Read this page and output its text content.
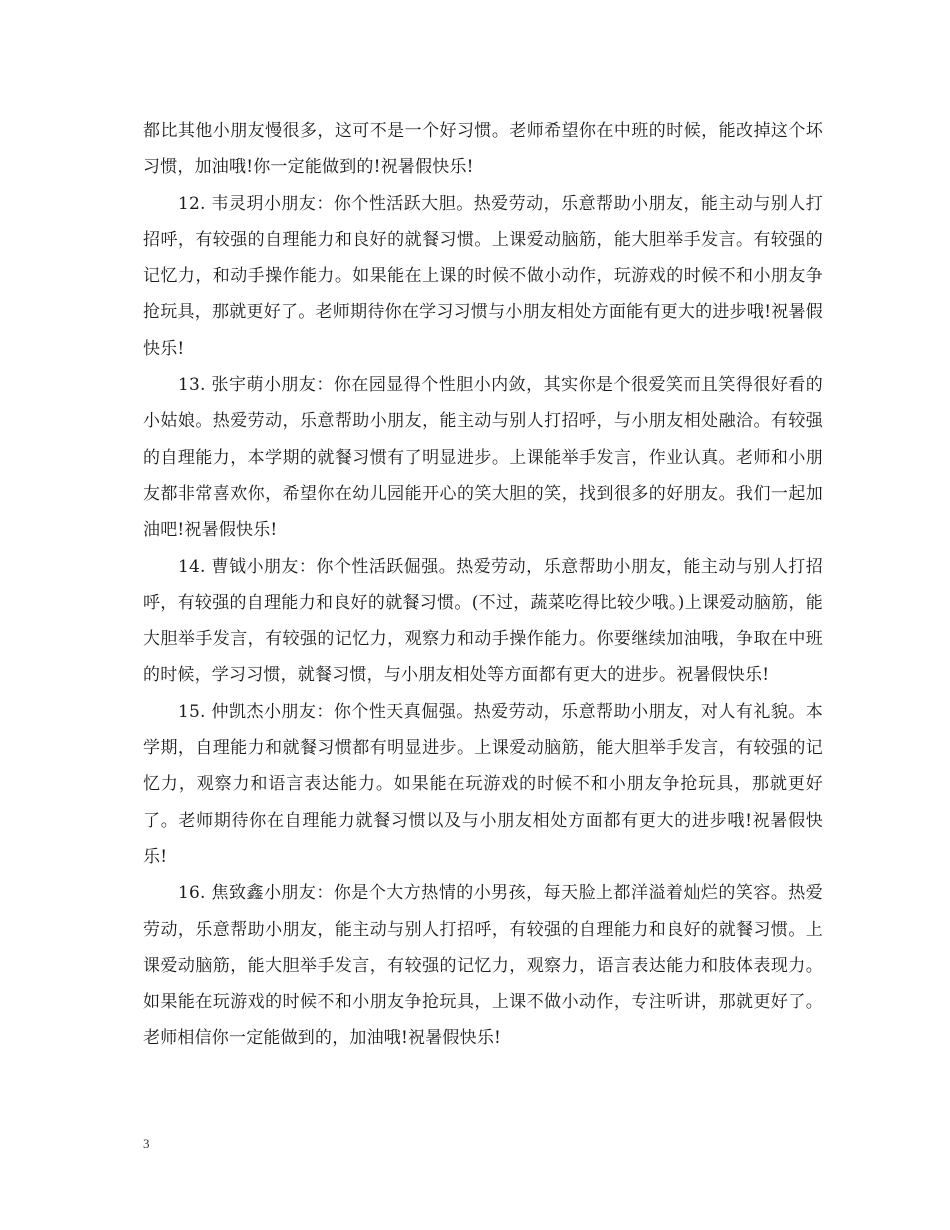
都比其他小朋友慢很多，这可不是一个好习惯。老师希望你在中班的时候，能改掉这个坏习惯，加油哦!你一定能做到的!祝暑假快乐!

12. 韦灵玥小朋友：你个性活跃大胆。热爱劳动，乐意帮助小朋友，能主动与别人打招呼，有较强的自理能力和良好的就餐习惯。上课爱动脑筋，能大胆举手发言。有较强的记忆力，和动手操作能力。如果能在上课的时候不做小动作，玩游戏的时候不和小朋友争抢玩具，那就更好了。老师期待你在学习习惯与小朋友相处方面能有更大的进步哦!祝暑假快乐!

13. 张宇萌小朋友：你在园显得个性胆小内敛，其实你是个很爱笑而且笑得很好看的小姑娘。热爱劳动，乐意帮助小朋友，能主动与别人打招呼，与小朋友相处融洽。有较强的自理能力，本学期的就餐习惯有了明显进步。上课能举手发言，作业认真。老师和小朋友都非常喜欢你，希望你在幼儿园能开心的笑大胆的笑，找到很多的好朋友。我们一起加油吧!祝暑假快乐!

14. 曹钺小朋友：你个性活跃倔强。热爱劳动，乐意帮助小朋友，能主动与别人打招呼，有较强的自理能力和良好的就餐习惯。(不过，蔬菜吃得比较少哦。)上课爱动脑筋，能大胆举手发言，有较强的记忆力，观察力和动手操作能力。你要继续加油哦，争取在中班的时候，学习习惯，就餐习惯，与小朋友相处等方面都有更大的进步。祝暑假快乐!

15. 仲凯杰小朋友：你个性天真倔强。热爱劳动，乐意帮助小朋友，对人有礼貌。本学期，自理能力和就餐习惯都有明显进步。上课爱动脑筋，能大胆举手发言，有较强的记忆力，观察力和语言表达能力。如果能在玩游戏的时候不和小朋友争抢玩具，那就更好了。老师期待你在自理能力就餐习惯以及与小朋友相处方面都有更大的进步哦!祝暑假快乐!

16. 焦致鑫小朋友：你是个大方热情的小男孩，每天脸上都洋溢着灿烂的笑容。热爱劳动，乐意帮助小朋友，能主动与别人打招呼，有较强的自理能力和良好的就餐习惯。上课爱动脑筋，能大胆举手发言，有较强的记忆力，观察力，语言表达能力和肢体表现力。如果能在玩游戏的时候不和小朋友争抢玩具，上课不做小动作，专注听讲，那就更好了。老师相信你一定能做到的，加油哦!祝暑假快乐!

3
